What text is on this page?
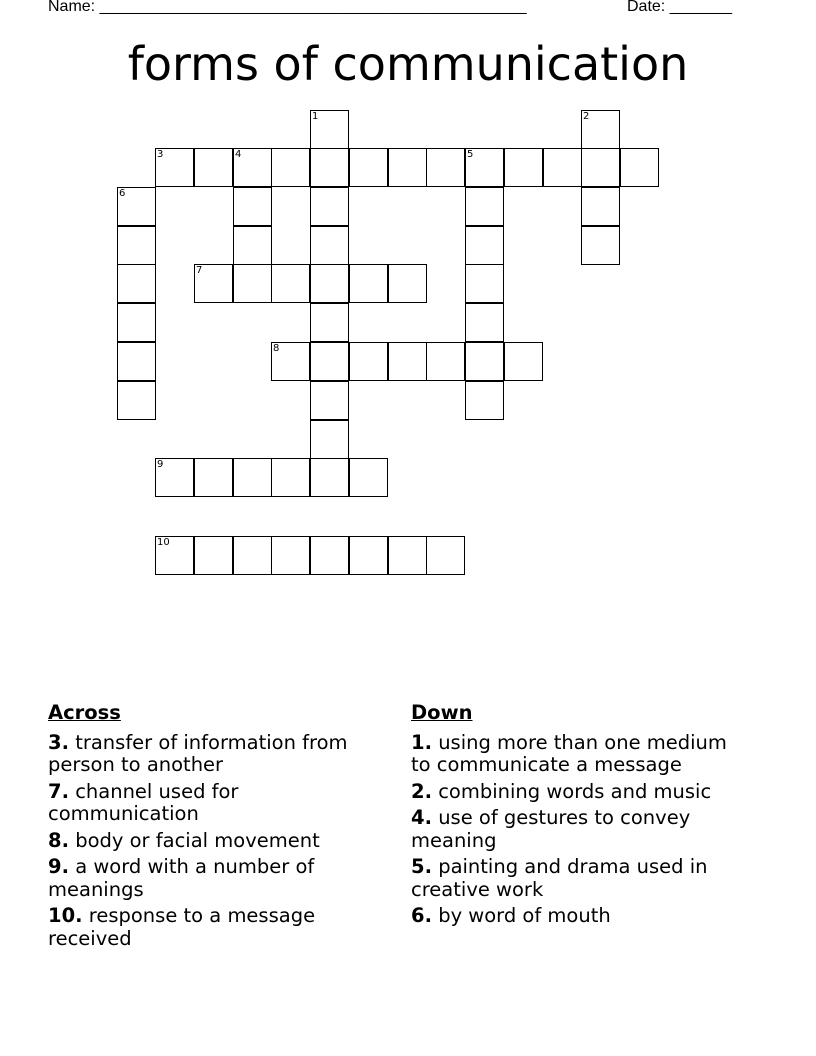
Name: ________________________________________________	Date: _______
forms of communication
1	2
3	4	5
6
7
8
9
10
Across
3. transfer of information from person to another
7. channel used for communication
8. body or facial movement
9. a word with a number of meanings
10. response to a message received
Down
1. using more than one medium to communicate a message
2. combining words and music
4. use of gestures to convey meaning
5. painting and drama used in creative work
6. by word of mouth
